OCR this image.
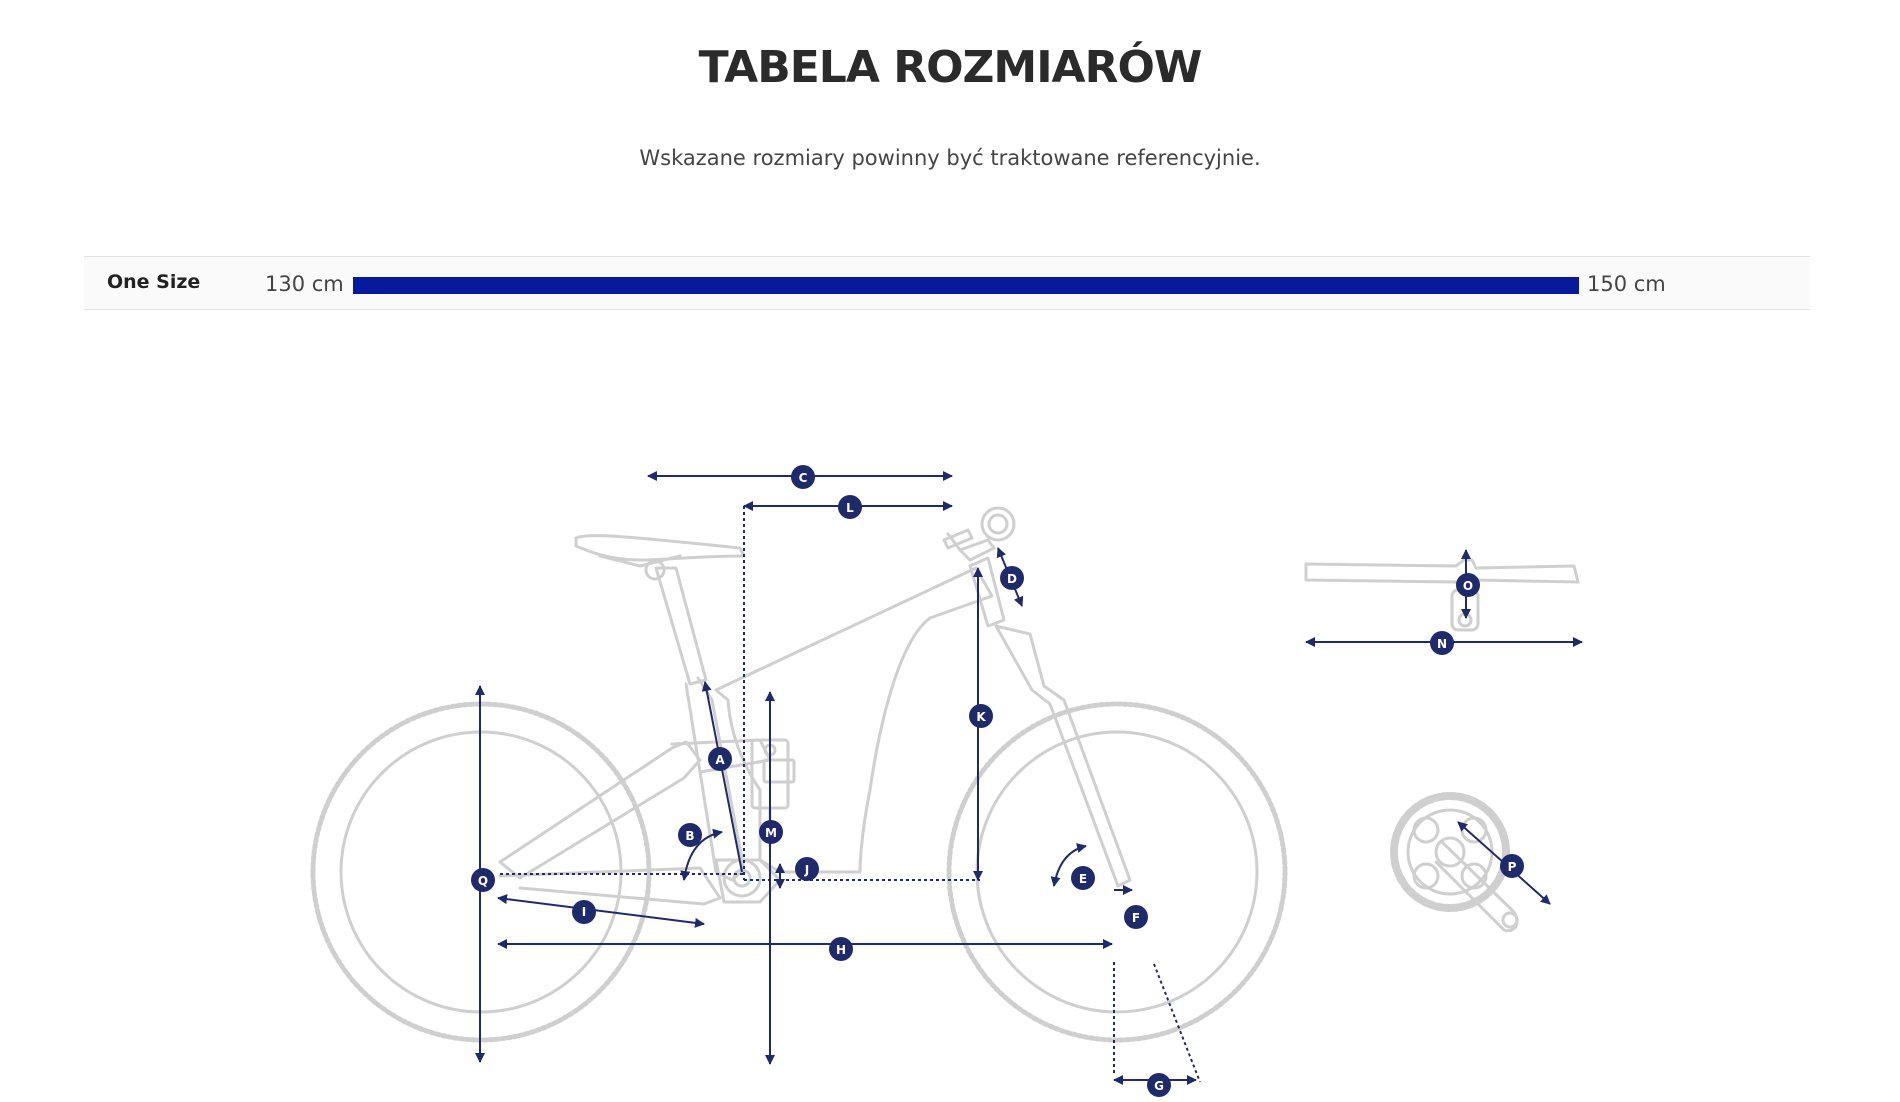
TABELA ROZMIARÓW

Wskazane rozmiary powinny być traktowane referencyjnie.

One Size	130 cm	150 cm
C
L
D	O
N
K
A
M
B
J
Q
I
E
F
P
H
G
